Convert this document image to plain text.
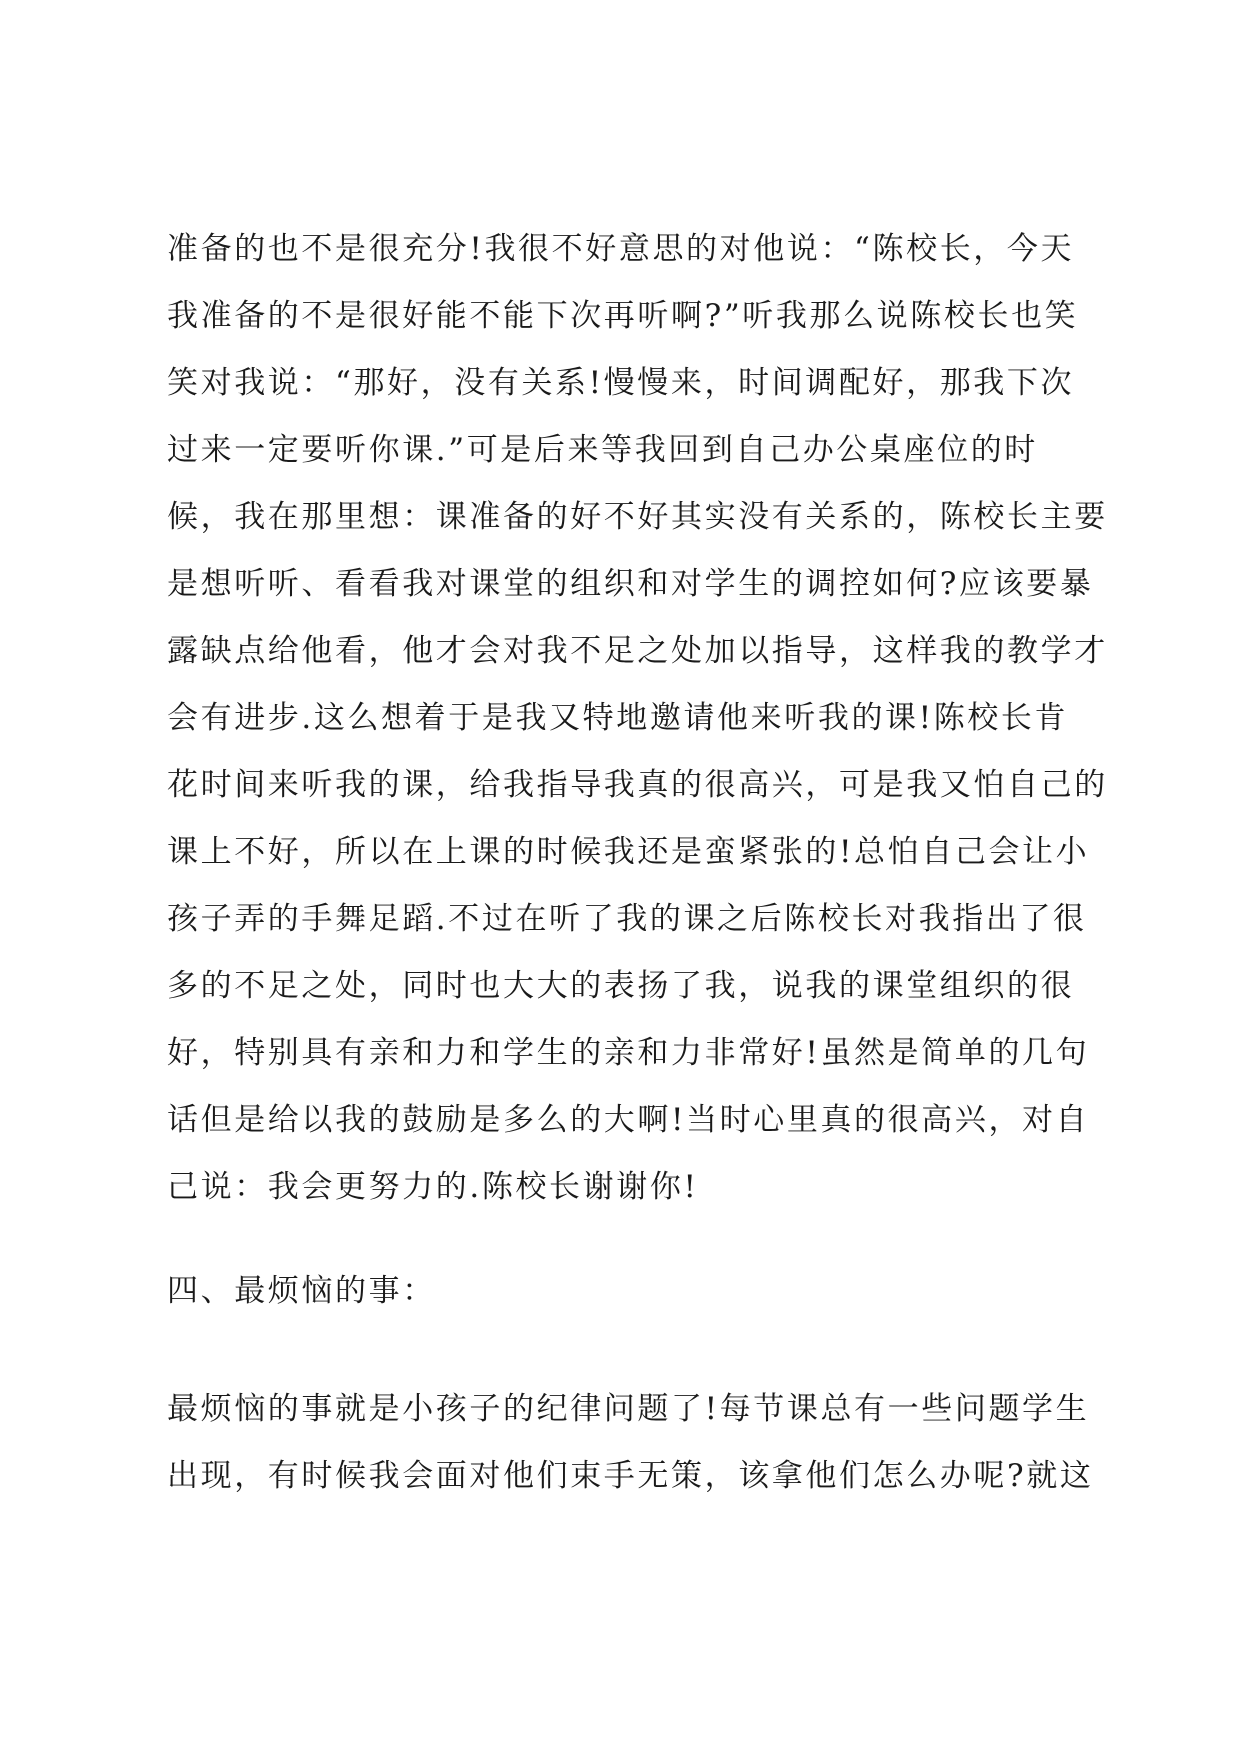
准备的也不是很充分!我很不好意思的对他说：“陈校长，今天
我准备的不是很好能不能下次再听啊?”听我那么说陈校长也笑
笑对我说：“那好，没有关系!慢慢来，时间调配好，那我下次
过来一定要听你课.”可是后来等我回到自己办公桌座位的时
候，我在那里想：课准备的好不好其实没有关系的，陈校长主要
是想听听、看看我对课堂的组织和对学生的调控如何?应该要暴
露缺点给他看，他才会对我不足之处加以指导，这样我的教学才
会有进步.这么想着于是我又特地邀请他来听我的课!陈校长肯
花时间来听我的课，给我指导我真的很高兴，可是我又怕自己的
课上不好，所以在上课的时候我还是蛮紧张的!总怕自己会让小
孩子弄的手舞足蹈.不过在听了我的课之后陈校长对我指出了很
多的不足之处，同时也大大的表扬了我，说我的课堂组织的很
好，特别具有亲和力和学生的亲和力非常好!虽然是简单的几句
话但是给以我的鼓励是多么的大啊!当时心里真的很高兴，对自
己说：我会更努力的.陈校长谢谢你!
四、最烦恼的事：
最烦恼的事就是小孩子的纪律问题了!每节课总有一些问题学生
出现，有时候我会面对他们束手无策，该拿他们怎么办呢?就这
